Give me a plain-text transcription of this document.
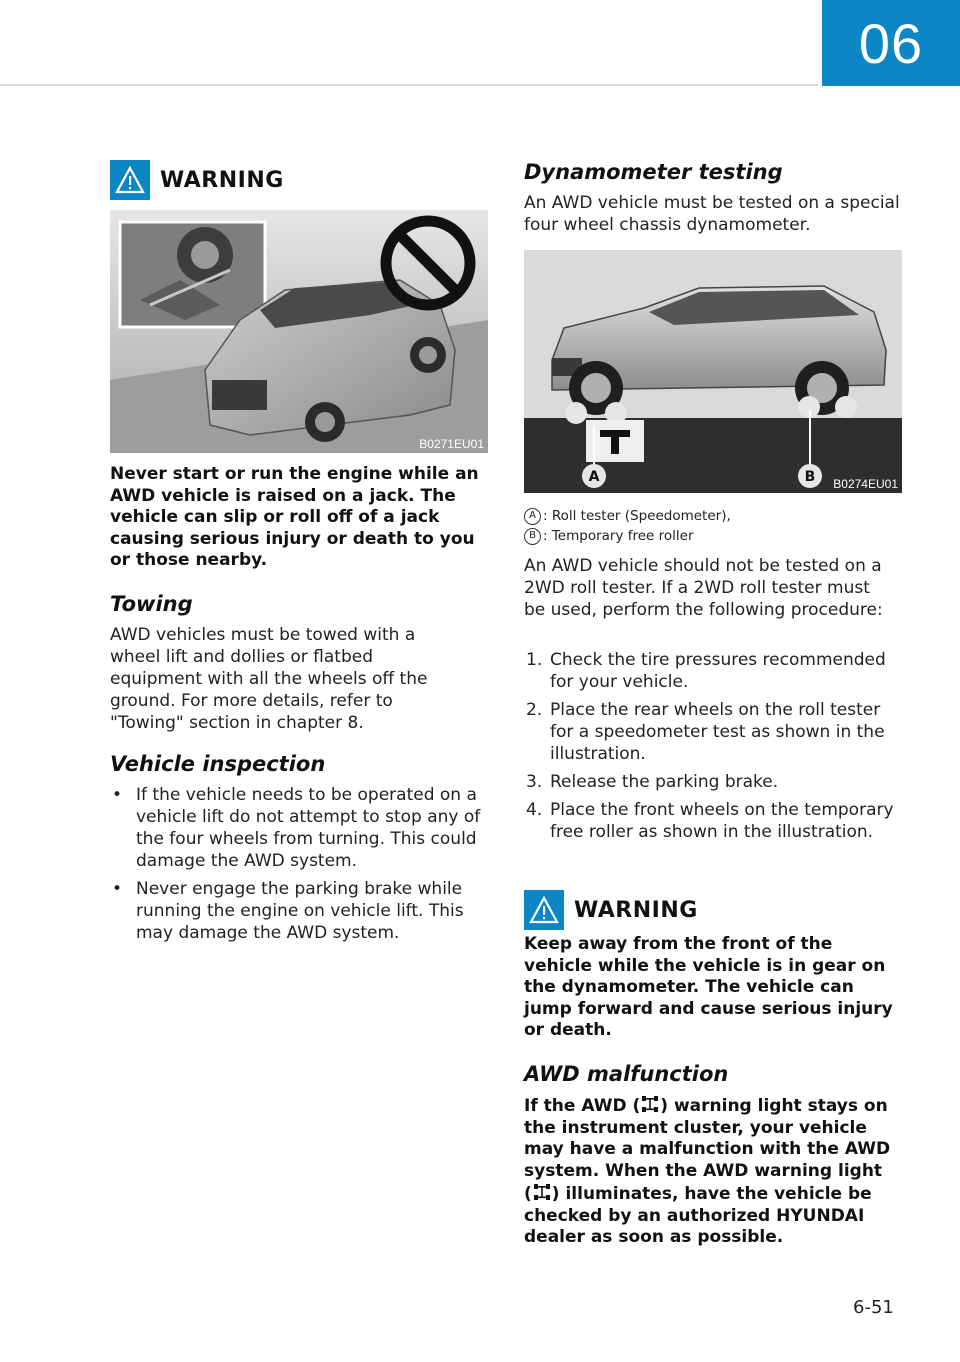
06
WARNING
B0271EU01
Never start or run the engine while an AWD vehicle is raised on a jack. The vehicle can slip or roll off of a jack causing serious injury or death to you or those nearby.
Towing
AWD vehicles must be towed with a wheel lift and dollies or flatbed equipment with all the wheels off the ground. For more details, refer to "Towing" section in chapter 8.
Vehicle inspection
• If the vehicle needs to be operated on a vehicle lift do not attempt to stop any of the four wheels from turning. This could damage the AWD system.
• Never engage the parking brake while running the engine on vehicle lift. This may damage the AWD system.
Dynamometer testing
An AWD vehicle must be tested on a special four wheel chassis dynamometer.
A	B B0274EU01
A : Roll tester (Speedometer),
B : Temporary free roller
An AWD vehicle should not be tested on a 2WD roll tester. If a 2WD roll tester must be used, perform the following procedure:
1. Check the tire pressures recommended for your vehicle.
2. Place the rear wheels on the roll tester for a speedometer test as shown in the illustration.
3. Release the parking brake.
4. Place the front wheels on the temporary free roller as shown in the illustration.
WARNING
Keep away from the front of the vehicle while the vehicle is in gear on the dynamometer. The vehicle can jump forward and cause serious injury or death.
AWD malfunction
If the AWD ( ! ) warning light stays on the instrument cluster, your vehicle may have a malfunction with the AWD system. When the AWD warning light ( ! ) illuminates, have the vehicle be checked by an authorized HYUNDAI dealer as soon as possible.
6-51
